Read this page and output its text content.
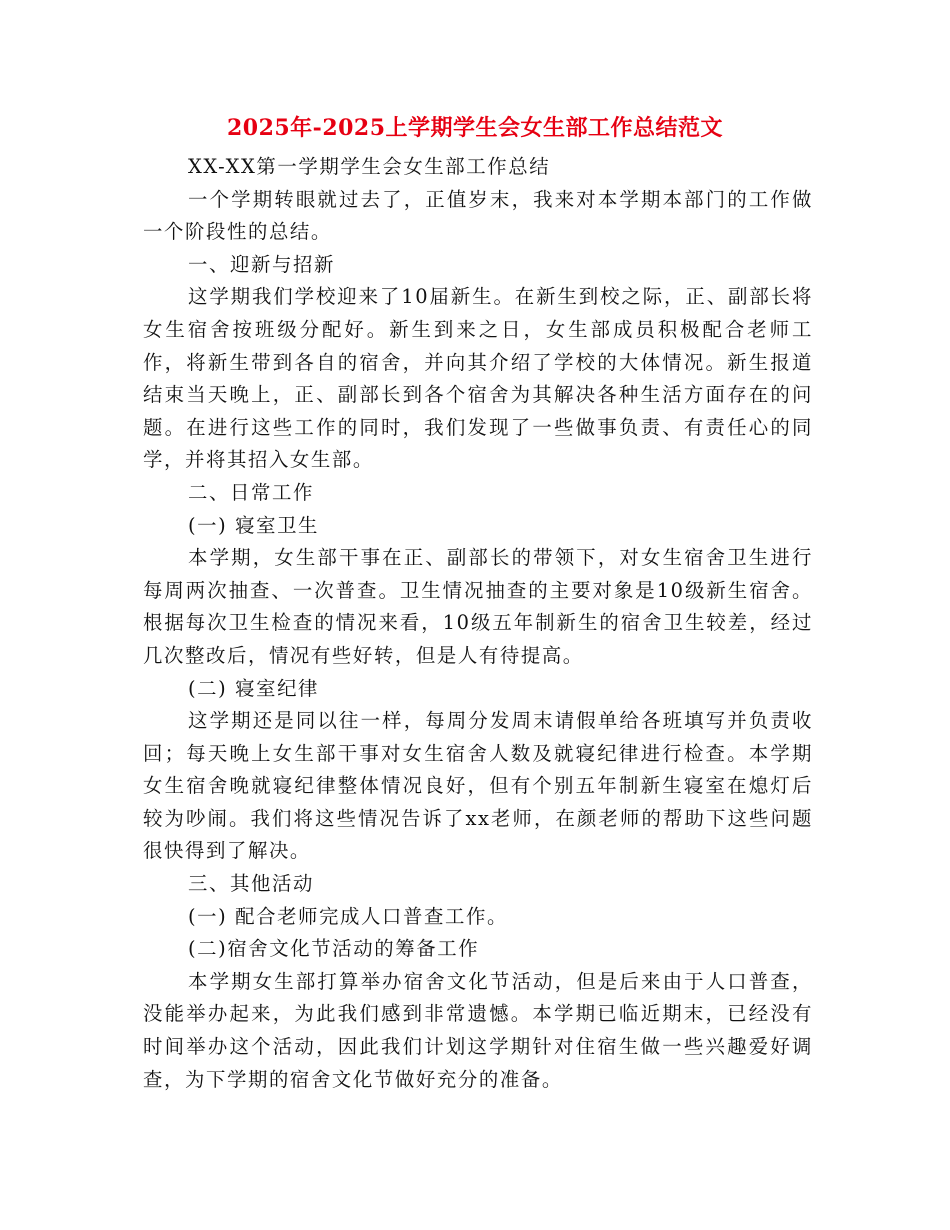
2025年-2025上学期学生会女生部工作总结范文

XX-XX第一学期学生会女生部工作总结

一个学期转眼就过去了，正值岁末，我来对本学期本部门的工作做一个阶段性的总结。

一、迎新与招新

这学期我们学校迎来了10届新生。在新生到校之际，正、副部长将女生宿舍按班级分配好。新生到来之日，女生部成员积极配合老师工作，将新生带到各自的宿舍，并向其介绍了学校的大体情况。新生报道结束当天晚上，正、副部长到各个宿舍为其解决各种生活方面存在的问题。在进行这些工作的同时，我们发现了一些做事负责、有责任心的同学，并将其招入女生部。

二、日常工作

(一) 寝室卫生

本学期，女生部干事在正、副部长的带领下，对女生宿舍卫生进行每周两次抽查、一次普查。卫生情况抽查的主要对象是10级新生宿舍。根据每次卫生检查的情况来看，10级五年制新生的宿舍卫生较差，经过几次整改后，情况有些好转，但是人有待提高。

(二) 寝室纪律

这学期还是同以往一样，每周分发周末请假单给各班填写并负责收回；每天晚上女生部干事对女生宿舍人数及就寝纪律进行检查。本学期女生宿舍晚就寝纪律整体情况良好，但有个别五年制新生寝室在熄灯后较为吵闹。我们将这些情况告诉了xx老师，在颜老师的帮助下这些问题很快得到了解决。

三、其他活动

(一) 配合老师完成人口普查工作。

(二)宿舍文化节活动的筹备工作

本学期女生部打算举办宿舍文化节活动，但是后来由于人口普查，没能举办起来，为此我们感到非常遗憾。本学期已临近期末，已经没有时间举办这个活动，因此我们计划这学期针对住宿生做一些兴趣爱好调查，为下学期的宿舍文化节做好充分的准备。
